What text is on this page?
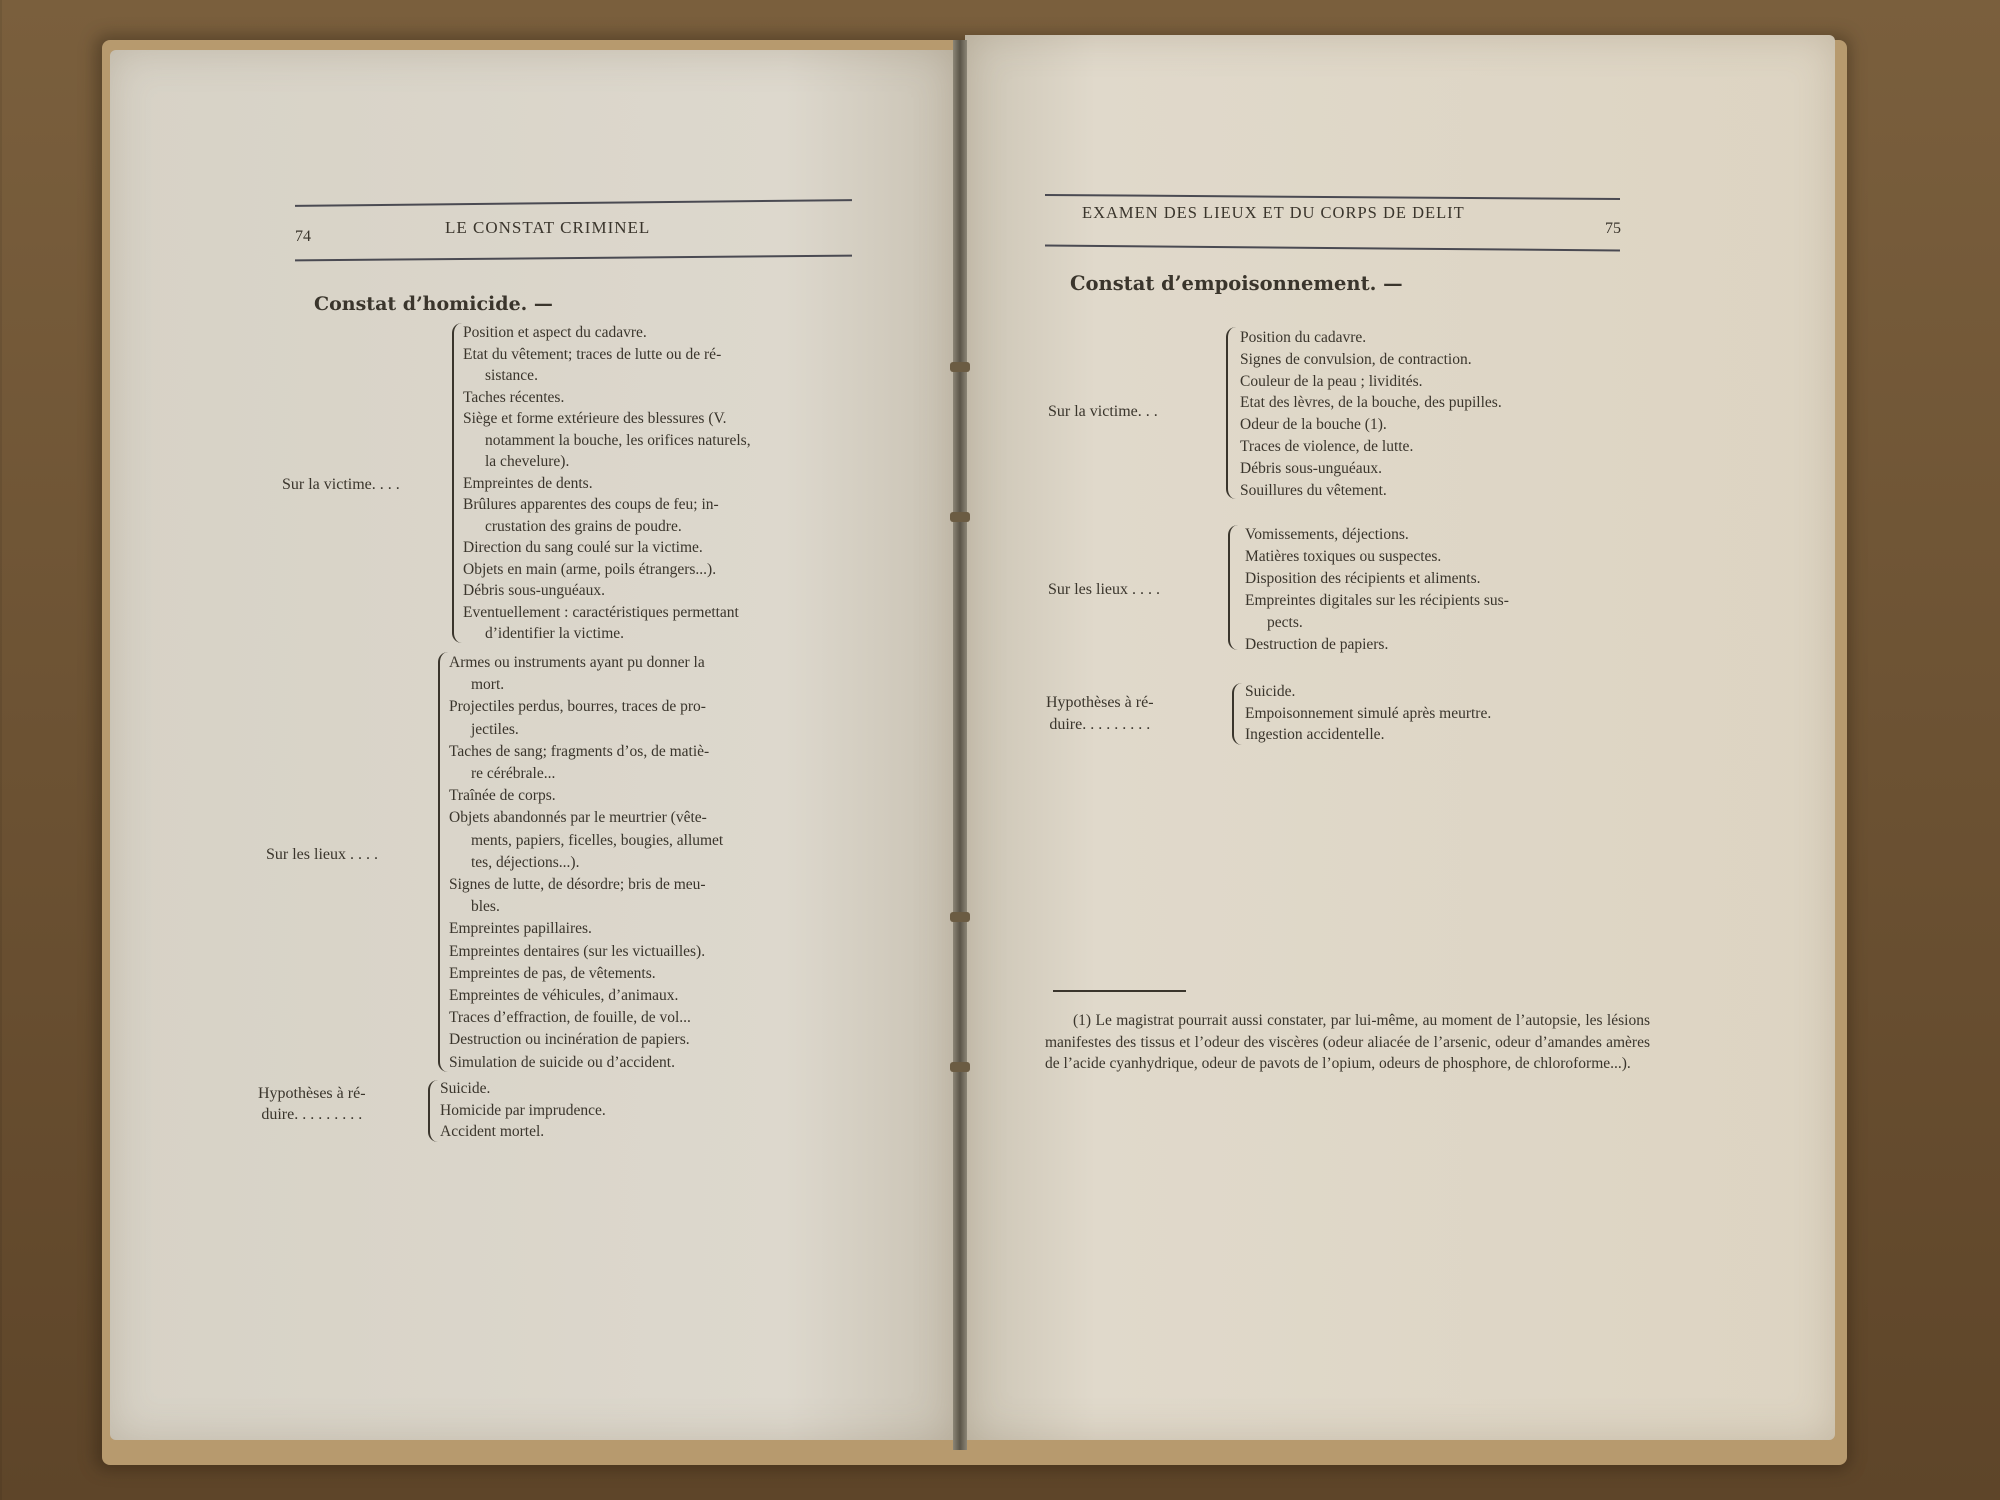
74	LE CONSTAT CRIMINEL
Constat d’homicide. —
Sur la victime. . . .
Position et aspect du cadavre.
Etat du vêtement; traces de lutte ou de ré-
sistance.
Taches récentes.
Siège et forme extérieure des blessures (V.
notamment la bouche, les orifices naturels,
la chevelure).
Empreintes de dents.
Brûlures apparentes des coups de feu; in-
crustation des grains de poudre.
Direction du sang coulé sur la victime.
Objets en main (arme, poils étrangers...).
Débris sous-unguéaux.
Eventuellement : caractéristiques permettant
d’identifier la victime.
Sur les lieux . . . .
Armes ou instruments ayant pu donner la
mort.
Projectiles perdus, bourres, traces de pro-
jectiles.
Taches de sang; fragments d’os, de matiè-
re cérébrale...
Traînée de corps.
Objets abandonnés par le meurtrier (vête-
ments, papiers, ficelles, bougies, allumet
tes, déjections...).
Signes de lutte, de désordre; bris de meu-
bles.
Empreintes papillaires.
Empreintes dentaires (sur les victuailles).
Empreintes de pas, de vêtements.
Empreintes de véhicules, d’animaux.
Traces d’effraction, de fouille, de vol...
Destruction ou incinération de papiers.
Simulation de suicide ou d’accident.
Hypothèses à ré-
duire. . . . . . . . .
Suicide.
Homicide par imprudence.
Accident mortel.
EXAMEN DES LIEUX ET DU CORPS DE DELIT
75
Constat d’empoisonnement. —
Sur la victime. . .
Position du cadavre.
Signes de convulsion, de contraction.
Couleur de la peau ; lividités.
Etat des lèvres, de la bouche, des pupilles.
Odeur de la bouche (1).
Traces de violence, de lutte.
Débris sous-unguéaux.
Souillures du vêtement.
Sur les lieux . . . .
Vomissements, déjections.
Matières toxiques ou suspectes.
Disposition des récipients et aliments.
Empreintes digitales sur les récipients sus-
pects.
Destruction de papiers.
Hypothèses à ré-
duire. . . . . . . . .
Suicide.
Empoisonnement simulé après meurtre.
Ingestion accidentelle.
(1) Le magistrat pourrait aussi constater, par lui-même, au moment de l’autopsie, les lésions manifestes des tissus et l’odeur des viscères (odeur aliacée de l’arsenic, odeur d’amandes amères de l’acide cyanhydrique, odeur de pavots de l’opium, odeurs de phosphore, de chloroforme...).
